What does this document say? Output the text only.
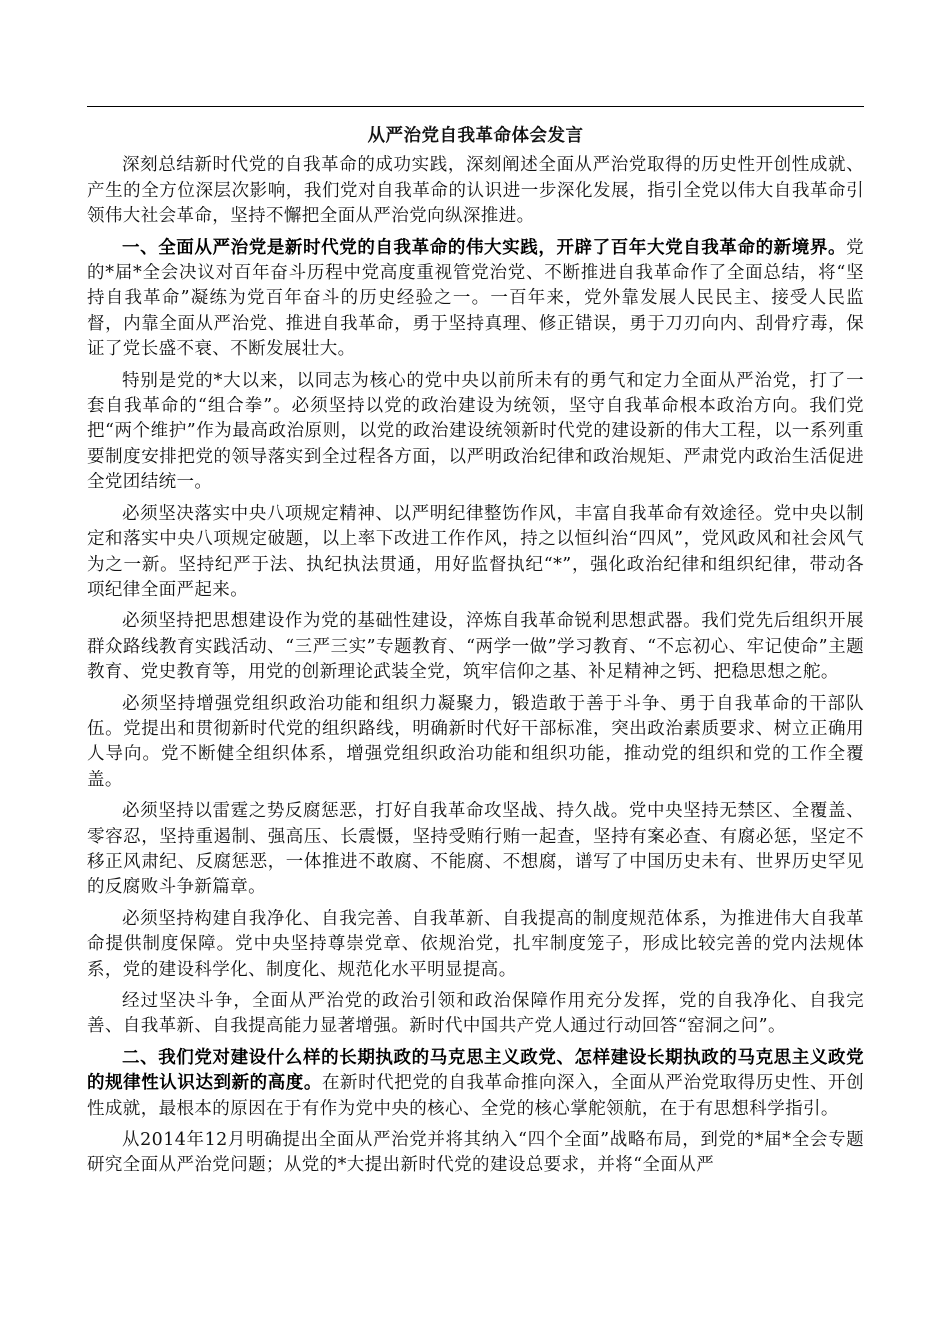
从严治党自我革命体会发言

深刻总结新时代党的自我革命的成功实践，深刻阐述全面从严治党取得的历史性开创性成就、产生的全方位深层次影响，我们党对自我革命的认识进一步深化发展，指引全党以伟大自我革命引领伟大社会革命，坚持不懈把全面从严治党向纵深推进。

一、全面从严治党是新时代党的自我革命的伟大实践，开辟了百年大党自我革命的新境界。党的*届*全会决议对百年奋斗历程中党高度重视管党治党、不断推进自我革命作了全面总结，将“坚持自我革命”凝练为党百年奋斗的历史经验之一。一百年来，党外靠发展人民民主、接受人民监督，内靠全面从严治党、推进自我革命，勇于坚持真理、修正错误，勇于刀刃向内、刮骨疗毒，保证了党长盛不衰、不断发展壮大。

特别是党的*大以来，以同志为核心的党中央以前所未有的勇气和定力全面从严治党，打了一套自我革命的“组合拳”。必须坚持以党的政治建设为统领，坚守自我革命根本政治方向。我们党把“两个维护”作为最高政治原则，以党的政治建设统领新时代党的建设新的伟大工程，以一系列重要制度安排把党的领导落实到全过程各方面，以严明政治纪律和政治规矩、严肃党内政治生活促进全党团结统一。

必须坚决落实中央八项规定精神、以严明纪律整饬作风，丰富自我革命有效途径。党中央以制定和落实中央八项规定破题，以上率下改进工作作风，持之以恒纠治“四风”，党风政风和社会风气为之一新。坚持纪严于法、执纪执法贯通，用好监督执纪“*”，强化政治纪律和组织纪律，带动各项纪律全面严起来。

必须坚持把思想建设作为党的基础性建设，淬炼自我革命锐利思想武器。我们党先后组织开展群众路线教育实践活动、“三严三实”专题教育、“两学一做”学习教育、“不忘初心、牢记使命”主题教育、党史教育等，用党的创新理论武装全党，筑牢信仰之基、补足精神之钙、把稳思想之舵。

必须坚持增强党组织政治功能和组织力凝聚力，锻造敢于善于斗争、勇于自我革命的干部队伍。党提出和贯彻新时代党的组织路线，明确新时代好干部标准，突出政治素质要求、树立正确用人导向。党不断健全组织体系，增强党组织政治功能和组织功能，推动党的组织和党的工作全覆盖。

必须坚持以雷霆之势反腐惩恶，打好自我革命攻坚战、持久战。党中央坚持无禁区、全覆盖、零容忍，坚持重遏制、强高压、长震慑，坚持受贿行贿一起查，坚持有案必查、有腐必惩，坚定不移正风肃纪、反腐惩恶，一体推进不敢腐、不能腐、不想腐，谱写了中国历史未有、世界历史罕见的反腐败斗争新篇章。

必须坚持构建自我净化、自我完善、自我革新、自我提高的制度规范体系，为推进伟大自我革命提供制度保障。党中央坚持尊崇党章、依规治党，扎牢制度笼子，形成比较完善的党内法规体系，党的建设科学化、制度化、规范化水平明显提高。

经过坚决斗争，全面从严治党的政治引领和政治保障作用充分发挥，党的自我净化、自我完善、自我革新、自我提高能力显著增强。新时代中国共产党人通过行动回答“窑洞之问”。

二、我们党对建设什么样的长期执政的马克思主义政党、怎样建设长期执政的马克思主义政党的规律性认识达到新的高度。在新时代把党的自我革命推向深入，全面从严治党取得历史性、开创性成就，最根本的原因在于有作为党中央的核心、全党的核心掌舵领航，在于有思想科学指引。

从2014年12月明确提出全面从严治党并将其纳入“四个全面”战略布局，到党的*届*全会专题研究全面从严治党问题；从党的*大提出新时代党的建设总要求，并将“全面从严
